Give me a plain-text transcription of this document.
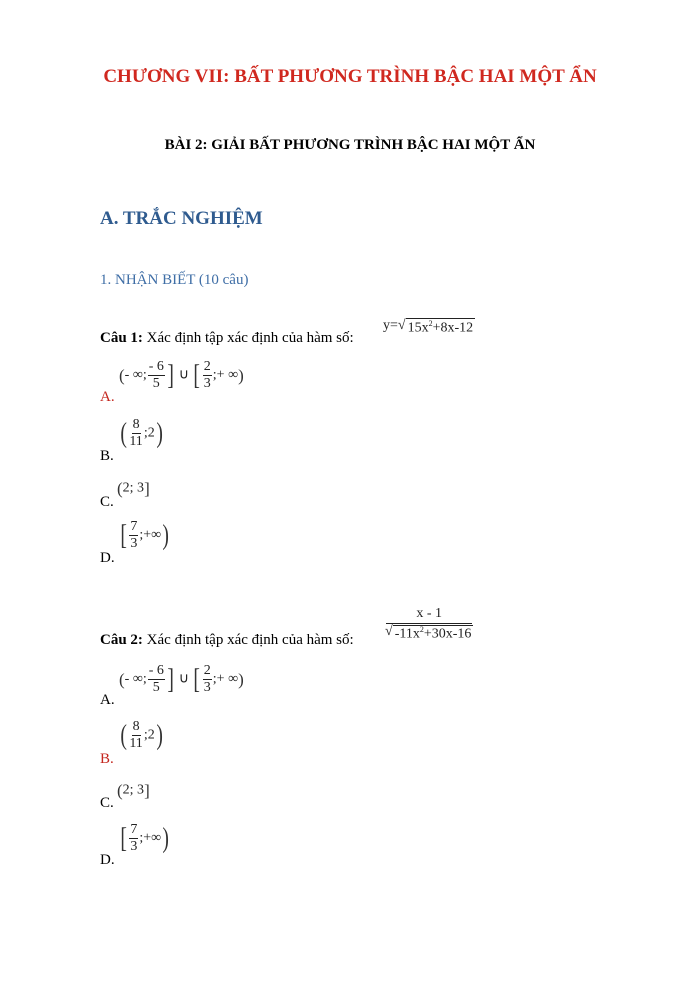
CHƯƠNG VII: BẤT PHƯƠNG TRÌNH BẬC HAI MỘT ẨN
BÀI 2: GIẢI BẤT PHƯƠNG TRÌNH BẬC HAI MỘT ẨN
A. TRẮC NGHIỆM
1. NHẬN BIẾT (10 câu)
Câu 1: Xác định tập xác định của hàm số:
y=√ $15x^2+8x-12$
A.
(- ∞; $\frac{- 6}{5}$ ] ∪ [ $\frac{2}{3}$ ;+ ∞)
B.
( $\frac{8}{11}$ ;2)
C.
(2; 3]
D.
[ $\frac{7}{3}$ ;+∞)
Câu 2: Xác định tập xác định của hàm số: $\frac{x - 1}{√ -11x^2+30x-16}$
A.
(- ∞; $\frac{- 6}{5}$ ] ∪ [ $\frac{2}{3}$ ;+ ∞)
B.
( $\frac{8}{11}$ ;2)
C.
(2; 3]
D.
[ $\frac{7}{3}$ ;+∞)
